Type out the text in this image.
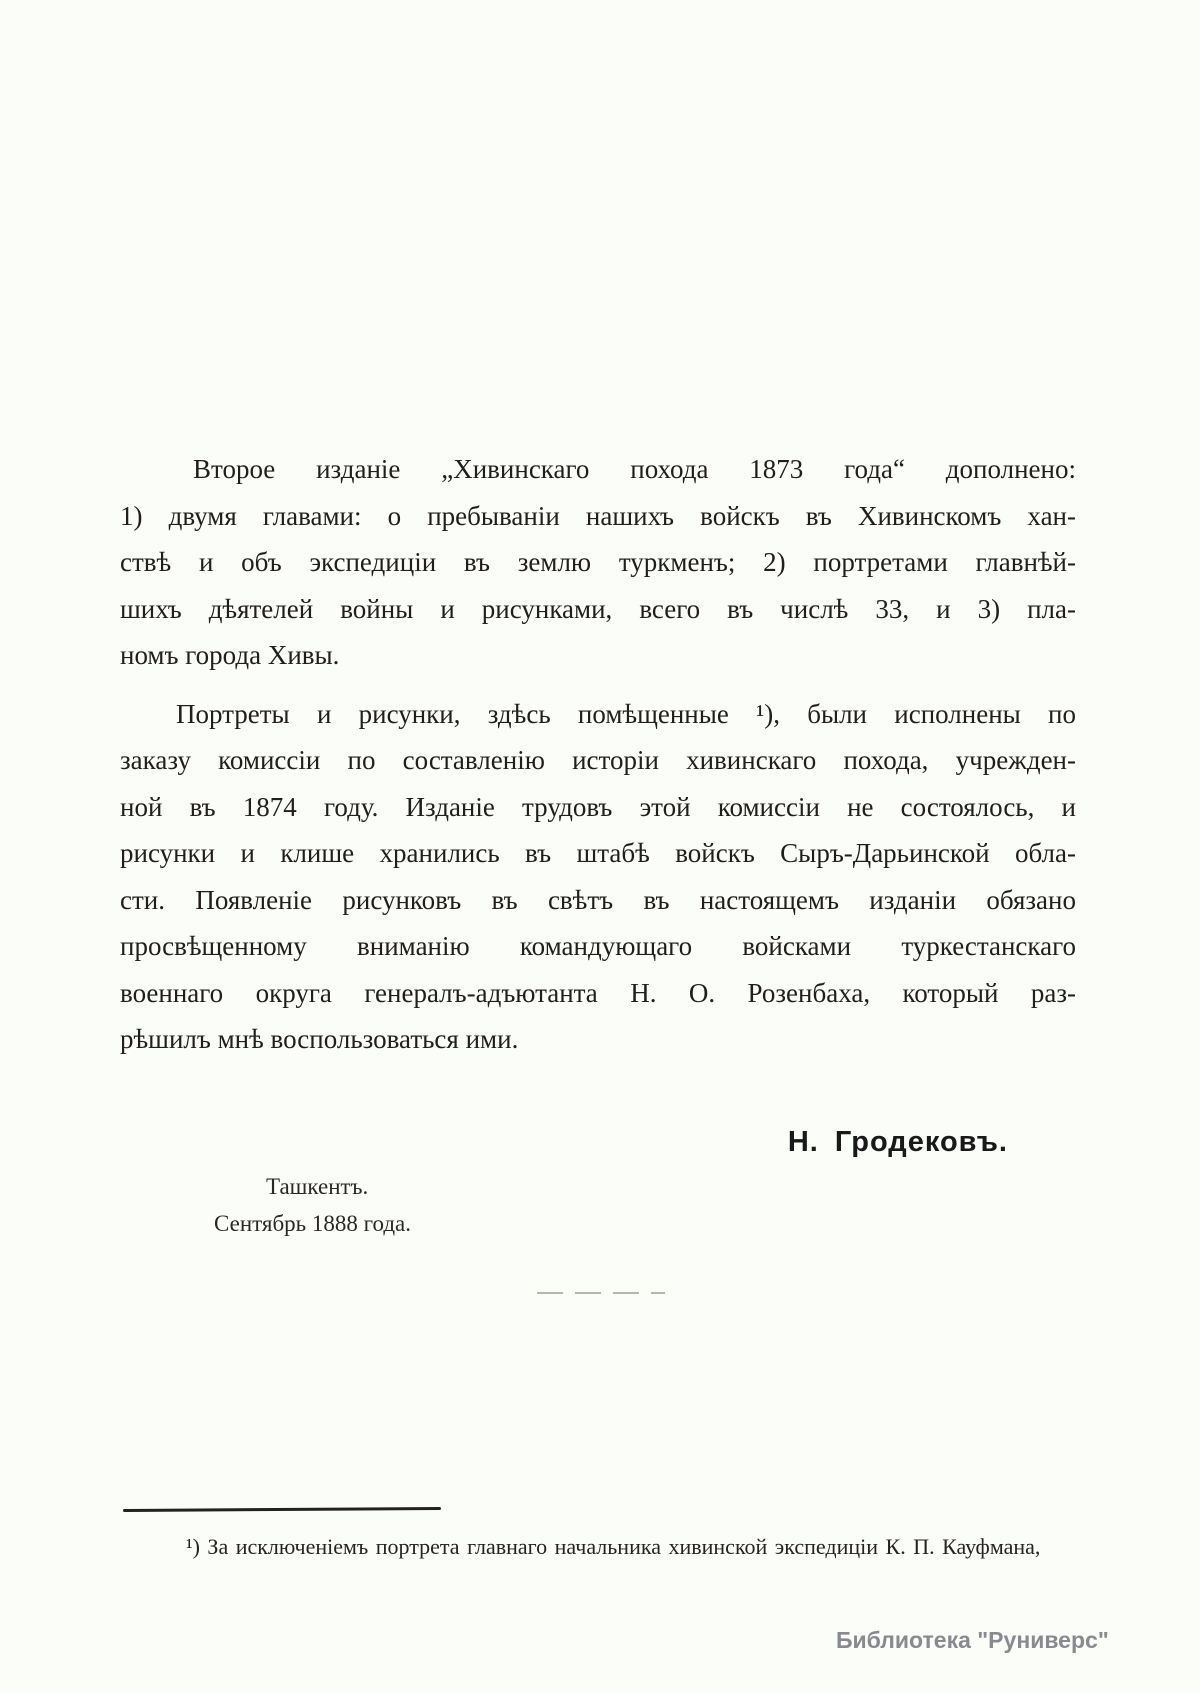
Второе изданіе „Хивинскаго похода 1873 года“ дополнено:
1) двумя главами: о пребываніи нашихъ войскъ въ Хивинскомъ хан-
ствѣ и объ экспедиціи въ землю туркменъ; 2) портретами главнѣй-
шихъ дѣятелей войны и рисунками, всего въ числѣ 33, и 3) пла-
номъ города Хивы.
Портреты и рисунки, здѣсь помѣщенные ¹), были исполнены по
заказу комиссіи по составленію исторіи хивинскаго похода, учрежден-
ной въ 1874 году. Изданіе трудовъ этой комиссіи не состоялось, и
рисунки и клише хранились въ штабѣ войскъ Сыръ-Дарьинской обла-
сти. Появленіе рисунковъ въ свѣтъ въ настоящемъ изданіи обязано
просвѣщенному вниманію командующаго войсками туркестанскаго
военнаго округа генералъ-адъютанта Н. О. Розенбаха, который раз-
рѣшилъ мнѣ воспользоваться ими.
Н. Гродековъ.
Ташкентъ.
Сентябрь 1888 года.
¹) За исключеніемъ портрета главнаго начальника хивинской экспедиціи К. П. Кауфмана,
Библиотека "Руниверс"
